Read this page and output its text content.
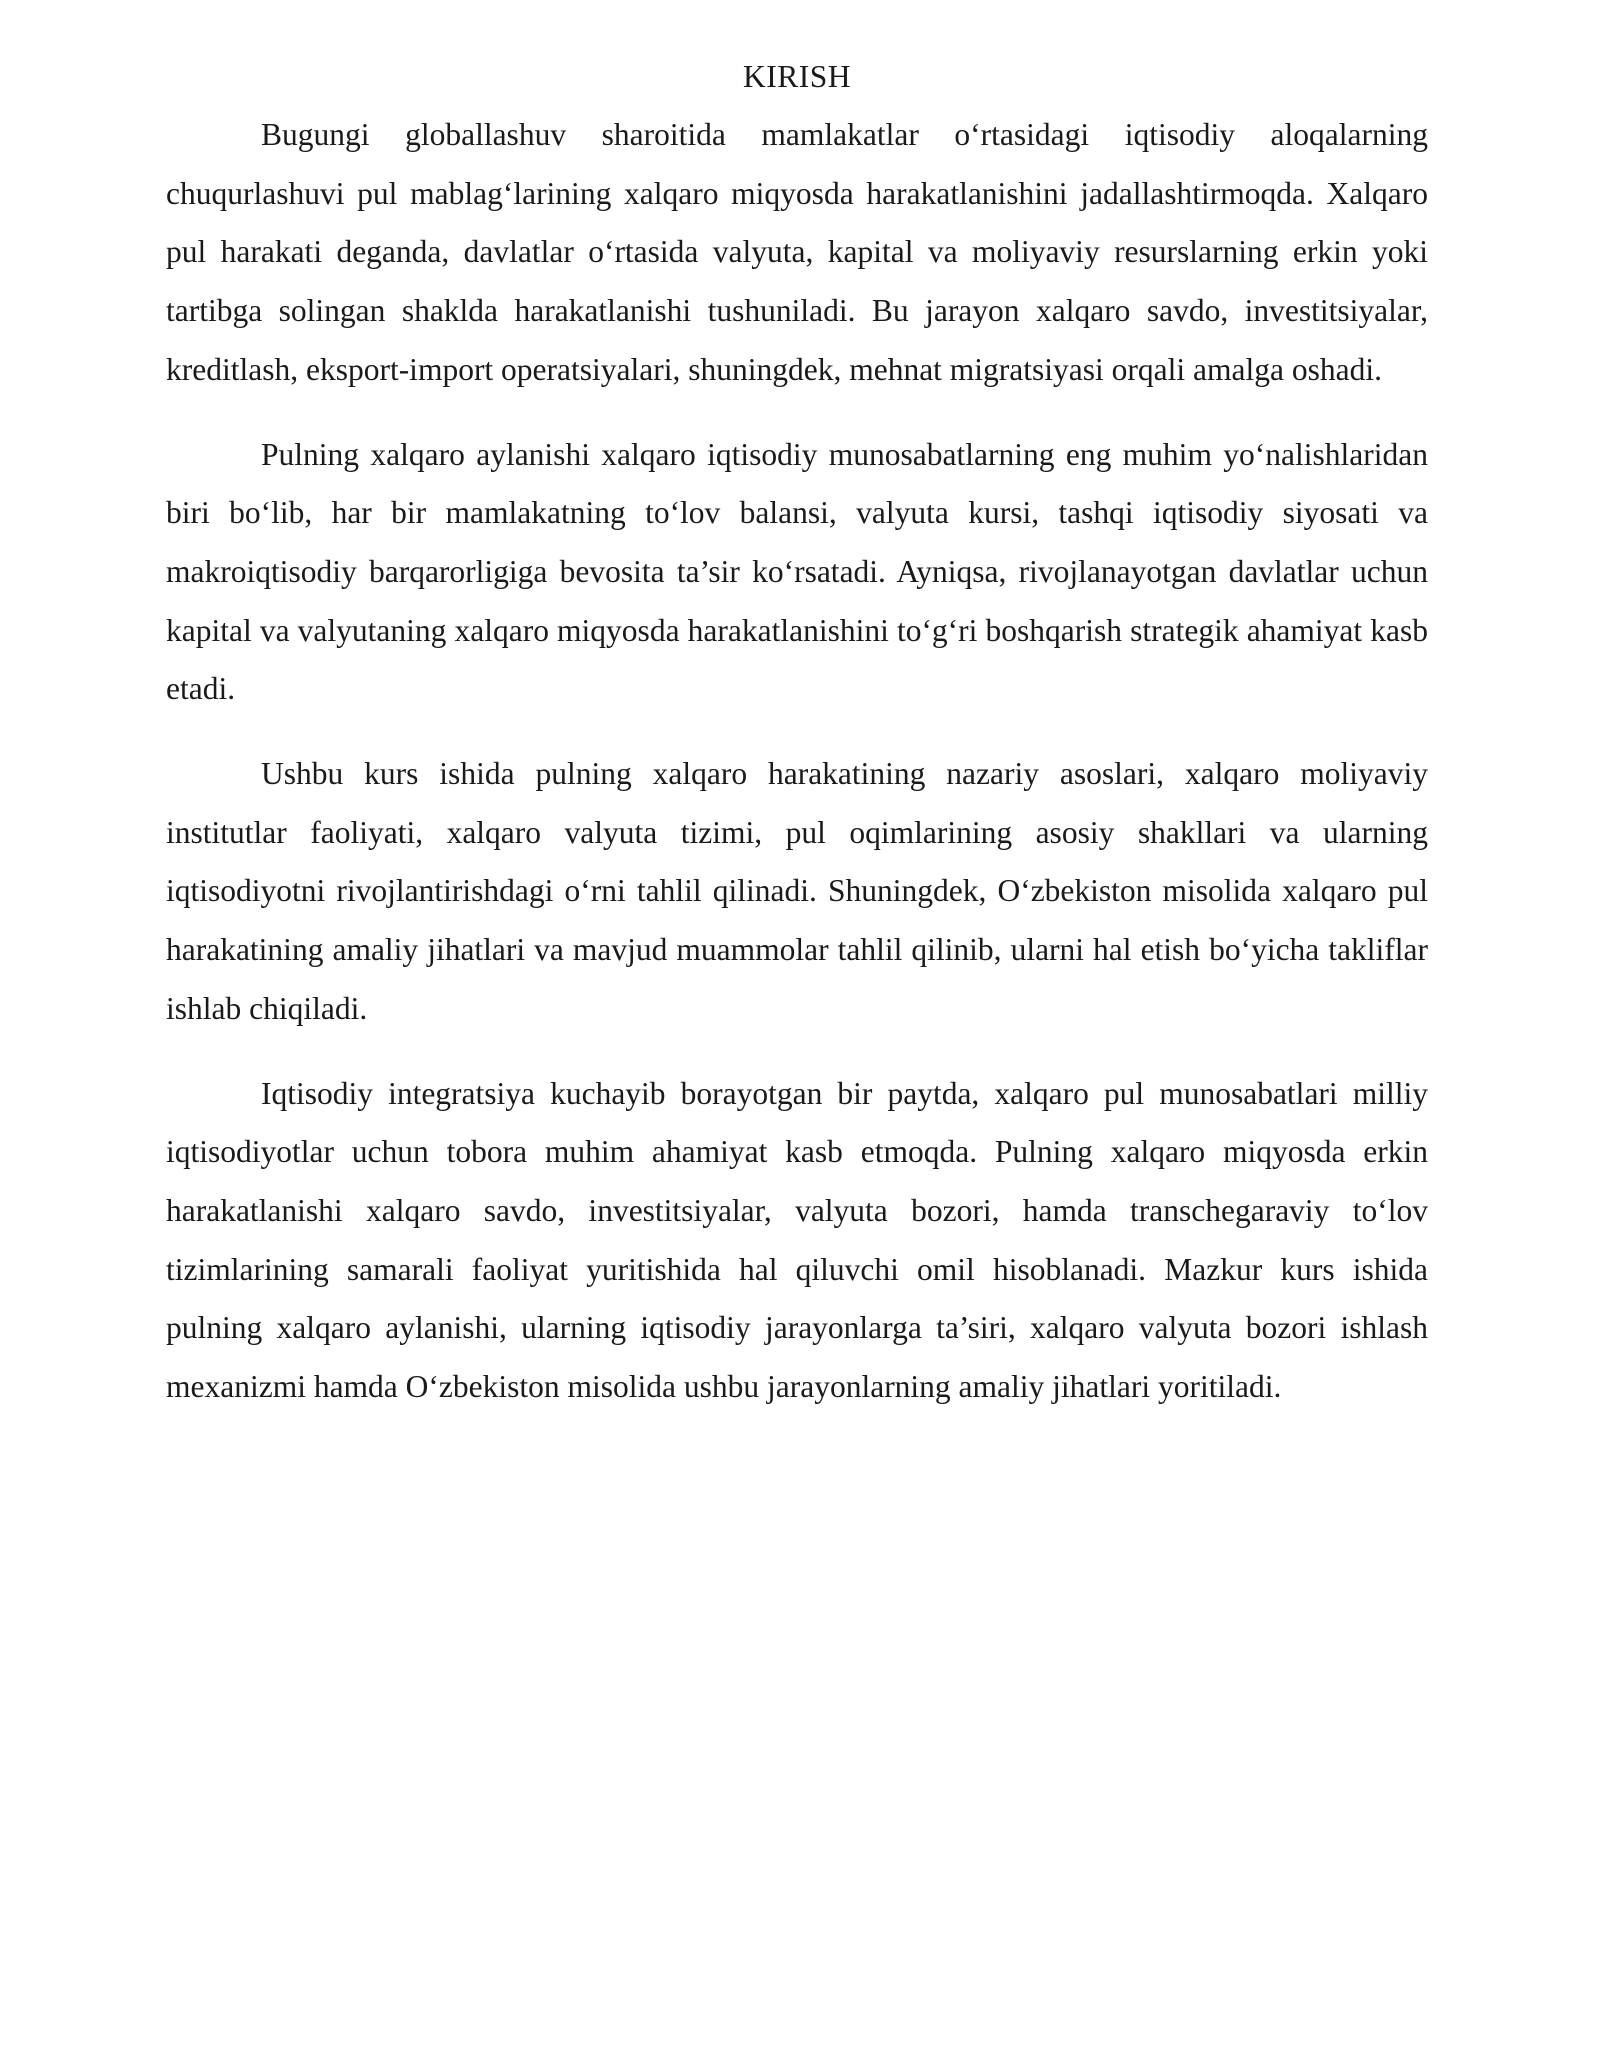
KIRISH

Bugungi globallashuv sharoitida mamlakatlar o‘rtasidagi iqtisodiy aloqalarning chuqurlashuvi pul mablag‘larining xalqaro miqyosda harakatlanishini jadallashtirmoqda. Xalqaro pul harakati deganda, davlatlar o‘rtasida valyuta, kapital va moliyaviy resurslarning erkin yoki tartibga solingan shaklda harakatlanishi tushuniladi. Bu jarayon xalqaro savdo, investitsiyalar, kreditlash, eksport-import operatsiyalari, shuningdek, mehnat migratsiyasi orqali amalga oshadi.

Pulning xalqaro aylanishi xalqaro iqtisodiy munosabatlarning eng muhim yo‘nalishlaridan biri bo‘lib, har bir mamlakatning to‘lov balansi, valyuta kursi, tashqi iqtisodiy siyosati va makroiqtisodiy barqarorligiga bevosita ta’sir ko‘rsatadi. Ayniqsa, rivojlanayotgan davlatlar uchun kapital va valyutaning xalqaro miqyosda harakatlanishini to‘g‘ri boshqarish strategik ahamiyat kasb etadi.

Ushbu kurs ishida pulning xalqaro harakatining nazariy asoslari, xalqaro moliyaviy institutlar faoliyati, xalqaro valyuta tizimi, pul oqimlarining asosiy shakllari va ularning iqtisodiyotni rivojlantirishdagi o‘rni tahlil qilinadi. Shuningdek, O‘zbekiston misolida xalqaro pul harakatining amaliy jihatlari va mavjud muammolar tahlil qilinib, ularni hal etish bo‘yicha takliflar ishlab chiqiladi.

Iqtisodiy integratsiya kuchayib borayotgan bir paytda, xalqaro pul munosabatlari milliy iqtisodiyotlar uchun tobora muhim ahamiyat kasb etmoqda. Pulning xalqaro miqyosda erkin harakatlanishi xalqaro savdo, investitsiyalar, valyuta bozori, hamda transchegaraviy to‘lov tizimlarining samarali faoliyat yuritishida hal qiluvchi omil hisoblanadi. Mazkur kurs ishida pulning xalqaro aylanishi, ularning iqtisodiy jarayonlarga ta’siri, xalqaro valyuta bozori ishlash mexanizmi hamda O‘zbekiston misolida ushbu jarayonlarning amaliy jihatlari yoritiladi.
